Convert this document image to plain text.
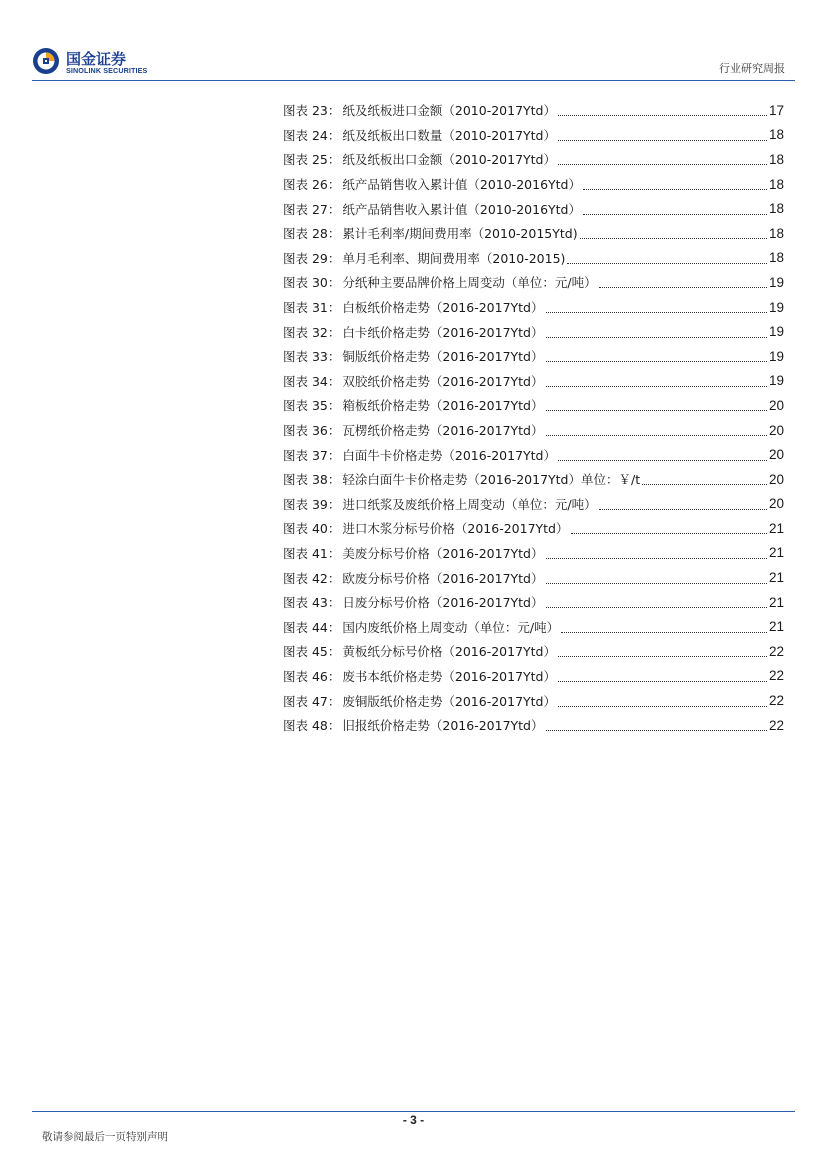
国金证券
SINOLINK SECURITIES	行业研究周报
图表 23： 纸及纸板进口金额（2010-2017Ytd）	17
图表 24： 纸及纸板出口数量（2010-2017Ytd）	18
图表 25： 纸及纸板出口金额（2010-2017Ytd）	18
图表 26： 纸产品销售收入累计值（2010-2016Ytd）	18
图表 27： 纸产品销售收入累计值（2010-2016Ytd）	18
图表 28： 累计毛利率/期间费用率（2010-2015Ytd)	18
图表 29： 单月毛利率、期间费用率（2010-2015)	18
图表 30： 分纸种主要品牌价格上周变动（单位：元/吨）	19
图表 31： 白板纸价格走势（2016-2017Ytd）	19
图表 32： 白卡纸价格走势（2016-2017Ytd）	19
图表 33： 铜版纸价格走势（2016-2017Ytd）	19
图表 34： 双胶纸价格走势（2016-2017Ytd）	19
图表 35： 箱板纸价格走势（2016-2017Ytd）	20
图表 36： 瓦楞纸价格走势（2016-2017Ytd）	20
图表 37： 白面牛卡价格走势（2016-2017Ytd）	20
图表 38： 轻涂白面牛卡价格走势（2016-2017Ytd）单位：￥/t	20
图表 39： 进口纸浆及废纸价格上周变动（单位：元/吨）	20
图表 40： 进口木浆分标号价格（2016-2017Ytd）	21
图表 41： 美废分标号价格（2016-2017Ytd）	21
图表 42： 欧废分标号价格（2016-2017Ytd）	21
图表 43： 日废分标号价格（2016-2017Ytd）	21
图表 44： 国内废纸价格上周变动（单位：元/吨）	21
图表 45： 黄板纸分标号价格（2016-2017Ytd）	22
图表 46： 废书本纸价格走势（2016-2017Ytd）	22
图表 47： 废铜版纸价格走势（2016-2017Ytd）	22
图表 48： 旧报纸价格走势（2016-2017Ytd）	22
- 3 -
敬请参阅最后一页特别声明
